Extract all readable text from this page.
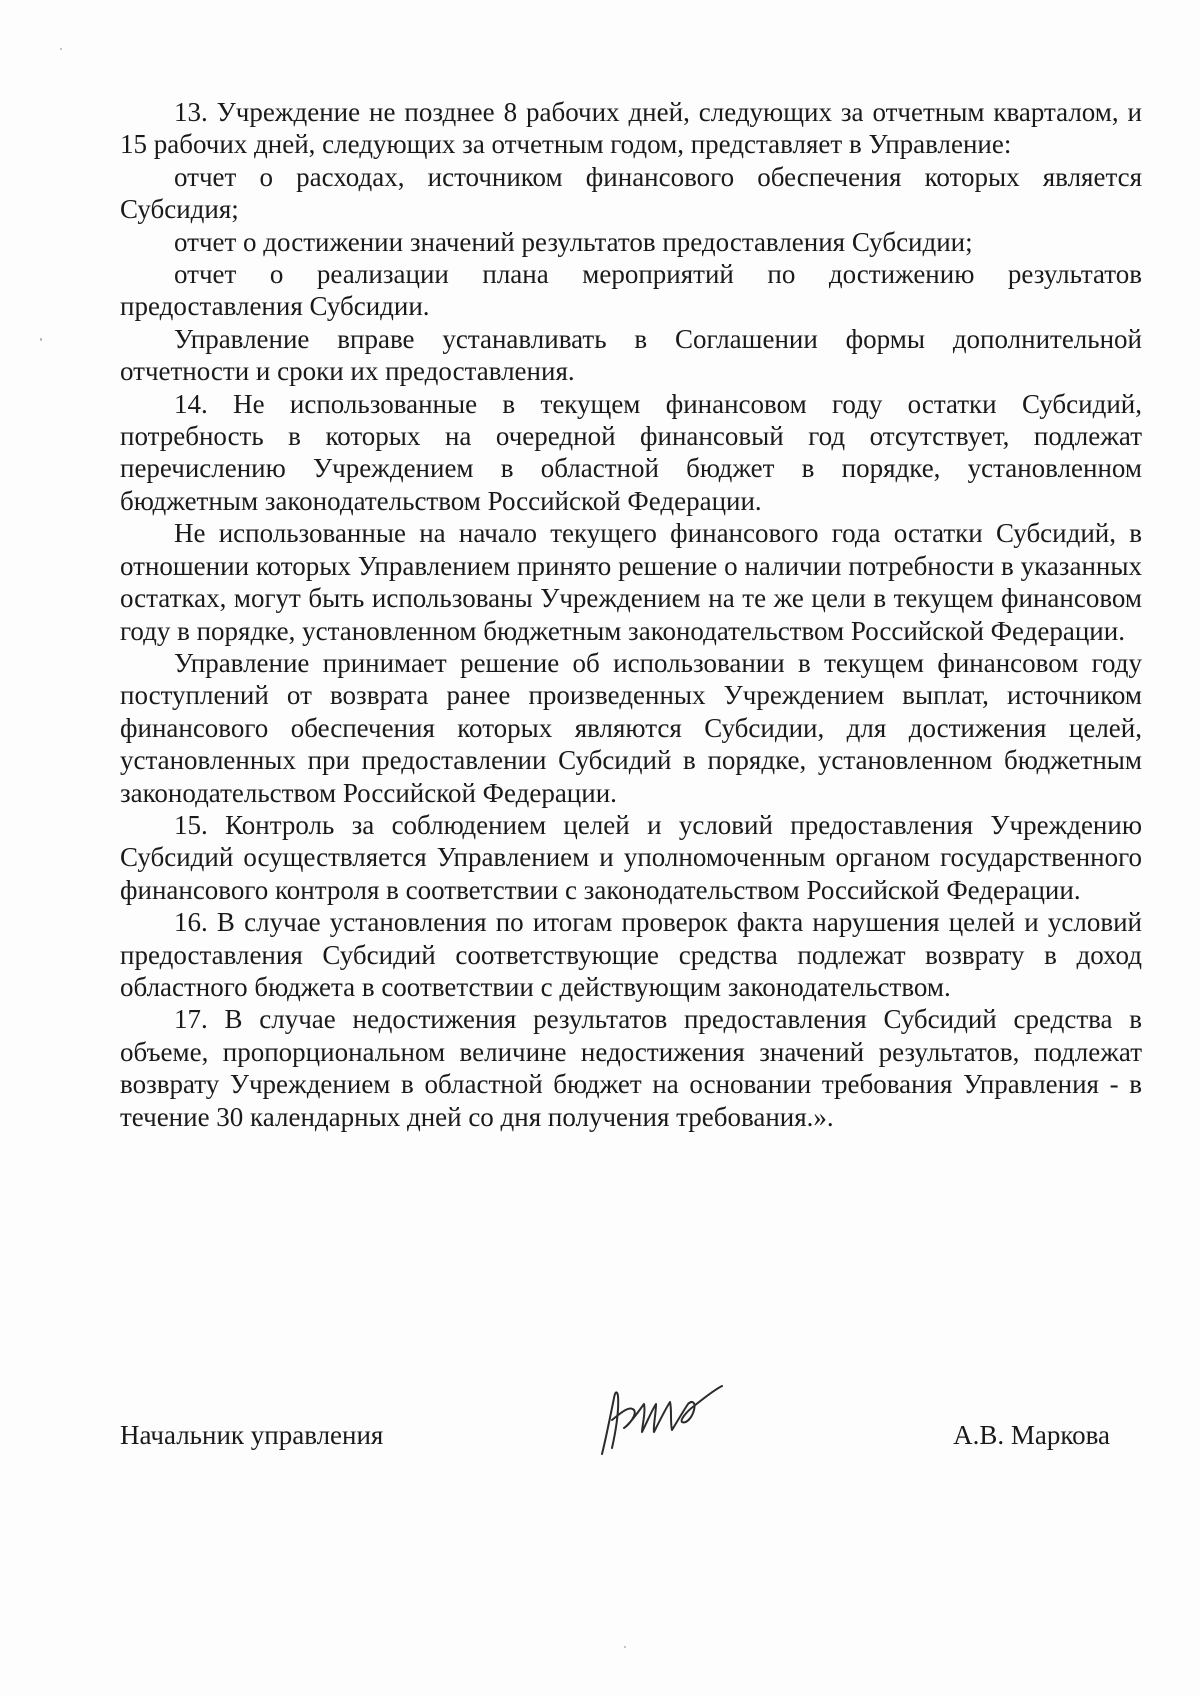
13. Учреждение не позднее 8 рабочих дней, следующих за отчетным кварталом, и 15 рабочих дней, следующих за отчетным годом, представляет в Управление:

отчет о расходах, источником финансового обеспечения которых является Субсидия;

отчет о достижении значений результатов предоставления Субсидии;

отчет о реализации плана мероприятий по достижению результатов предоставления Субсидии.

Управление вправе устанавливать в Соглашении формы дополнительной отчетности и сроки их предоставления.

14. Не использованные в текущем финансовом году остатки Субсидий, потребность в которых на очередной финансовый год отсутствует, подлежат перечислению Учреждением в областной бюджет в порядке, установленном бюджетным законодательством Российской Федерации.

Не использованные на начало текущего финансового года остатки Субсидий, в отношении которых Управлением принято решение о наличии потребности в указанных остатках, могут быть использованы Учреждением на те же цели в текущем финансовом году в порядке, установленном бюджетным законодательством Российской Федерации.

Управление принимает решение об использовании в текущем финансовом году поступлений от возврата ранее произведенных Учреждением выплат, источником финансового обеспечения которых являются Субсидии, для достижения целей, установленных при предоставлении Субсидий в порядке, установленном бюджетным законодательством Российской Федерации.

15. Контроль за соблюдением целей и условий предоставления Учреждению Субсидий осуществляется Управлением и уполномоченным органом государственного финансового контроля в соответствии с законодательством Российской Федерации.

16. В случае установления по итогам проверок факта нарушения целей и условий предоставления Субсидий соответствующие средства подлежат возврату в доход областного бюджета в соответствии с действующим законодательством.

17. В случае недостижения результатов предоставления Субсидий средства в объеме, пропорциональном величине недостижения значений результатов, подлежат возврату Учреждением в областной бюджет на основании требования Управления - в течение 30 календарных дней со дня получения требования.».

Начальник управления	А.В. Маркова
